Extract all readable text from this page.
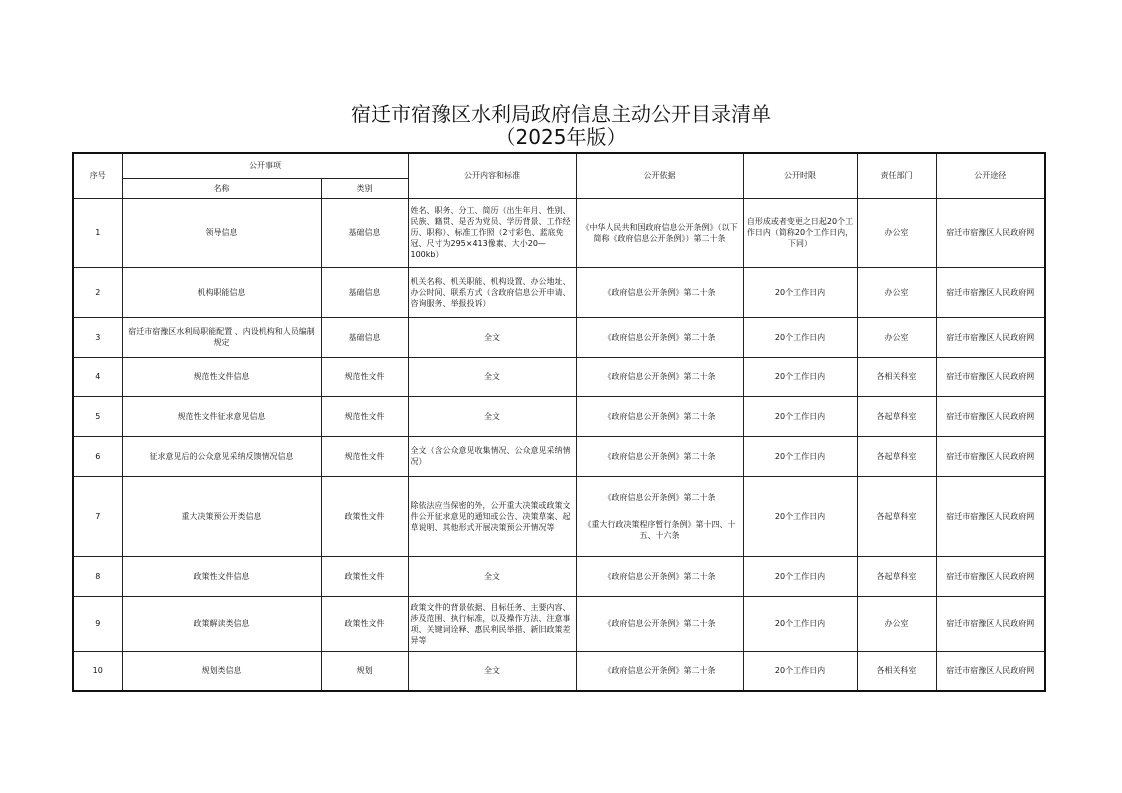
宿迁市宿豫区水利局政府信息主动公开目录清单
（2025年版）
序号	公开事项		公开内容和标准	公开依据	公开时限	责任部门	公开途径
	名称	类别					
1	领导信息	基础信息	姓名、职务、分工、简历（出生年月、性别、民族、籍贯、是否为党员、学历背景、工作经历、职称）、标准工作照（2寸彩色、蓝底免冠、尺寸为295×413像素、大小20—100kb）	《中华人民共和国政府信息公开条例》（以下简称《政府信息公开条例》）第二十条	自形成或者变更之日起20个工作日内（简称20个工作日内，下同）	办公室	宿迁市宿豫区人民政府网
2	机构职能信息	基础信息	机关名称、机关职能、机构设置、办公地址、办公时间、联系方式（含政府信息公开申请、咨询服务、举报投诉）	《政府信息公开条例》第二十条	20个工作日内	办公室	宿迁市宿豫区人民政府网
3	宿迁市宿豫区水利局职能配置 、内设机构和人员编制规定	基础信息	全文	《政府信息公开条例》第二十条	20个工作日内	办公室	宿迁市宿豫区人民政府网
4	规范性文件信息	规范性文件	全文	《政府信息公开条例》第二十条	20个工作日内	各相关科室	宿迁市宿豫区人民政府网
5	规范性文件征求意见信息	规范性文件	全文	《政府信息公开条例》第二十条	20个工作日内	各起草科室	宿迁市宿豫区人民政府网
6	征求意见后的公众意见采纳反馈情况信息	规范性文件	全文（含公众意见收集情况、公众意见采纳情况）	《政府信息公开条例》第二十条	20个工作日内	各起草科室	宿迁市宿豫区人民政府网
7	重大决策预公开类信息	政策性文件	除依法应当保密的外，公开重大决策或政策文件公开征求意见的通知或公告、决策草案、起草说明、其他形式开展决策预公开情况等	《政府信息公开条例》第二十条
《重大行政决策程序暂行条例》第十四、十五、十六条	20个工作日内	各起草科室	宿迁市宿豫区人民政府网
8	政策性文件信息	政策性文件	全文	《政府信息公开条例》第二十条	20个工作日内	各起草科室	宿迁市宿豫区人民政府网
9	政策解读类信息	政策性文件	政策文件的背景依据、目标任务、主要内容、涉及范围、执行标准，以及操作方法、注意事项、关键词诠释、惠民利民举措、新旧政策差异等	《政府信息公开条例》第二十条	20个工作日内	办公室	宿迁市宿豫区人民政府网
10	规划类信息	规划	全文	《政府信息公开条例》第二十条	20个工作日内	各相关科室	宿迁市宿豫区人民政府网
